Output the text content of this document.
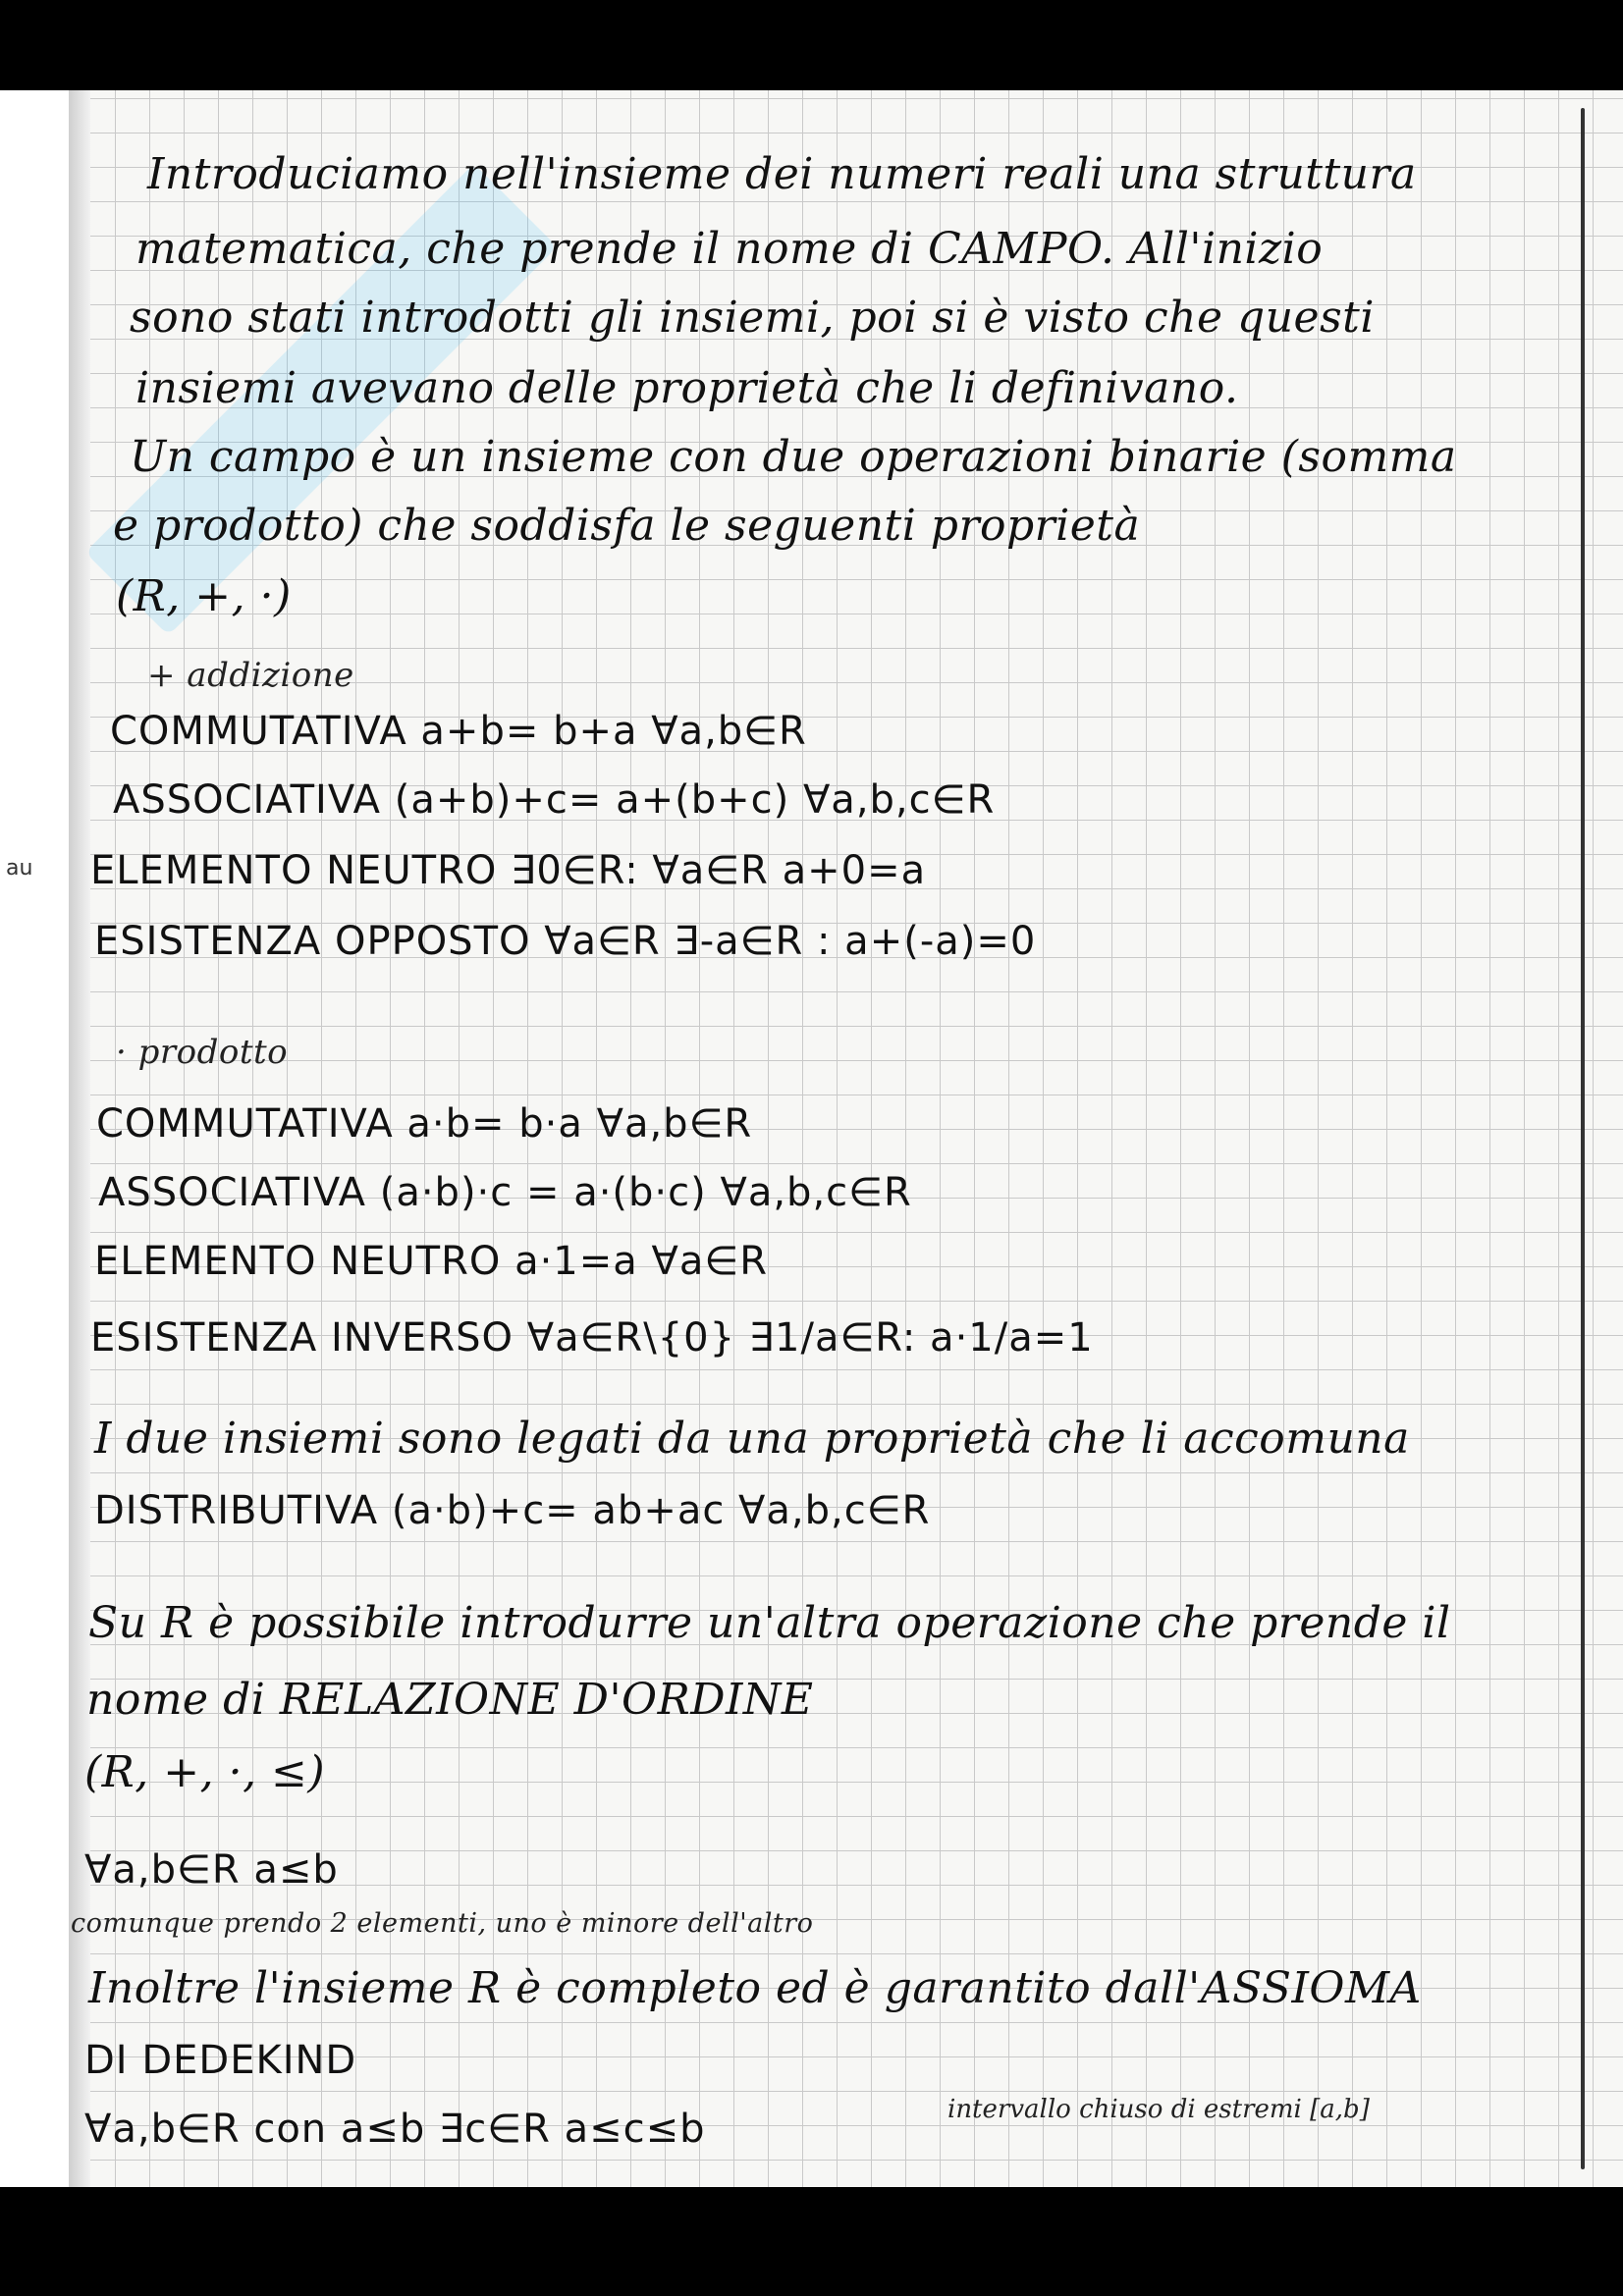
au
Introduciamo nell'insieme dei numeri reali una struttura
matematica, che prende il nome di CAMPO. All'inizio
sono stati introdotti gli insiemi, poi si è visto che questi
insiemi avevano delle proprietà che li definivano.
Un campo è un insieme con due operazioni binarie (somma
e prodotto) che soddisfa le seguenti proprietà
(R, +, ·)
+ addizione
COMMUTATIVA a+b= b+a ∀a,b∈R
ASSOCIATIVA (a+b)+c= a+(b+c) ∀a,b,c∈R
ELEMENTO NEUTRO ∃0∈R: ∀a∈R a+0=a
ESISTENZA OPPOSTO ∀a∈R ∃-a∈R : a+(-a)=0
· prodotto
COMMUTATIVA a·b= b·a ∀a,b∈R
ASSOCIATIVA (a·b)·c = a·(b·c) ∀a,b,c∈R
ELEMENTO NEUTRO a·1=a ∀a∈R
ESISTENZA INVERSO ∀a∈R\{0} ∃1/a∈R: a·1/a=1
I due insiemi sono legati da una proprietà che li accomuna
DISTRIBUTIVA (a·b)+c= ab+ac ∀a,b,c∈R
Su R è possibile introdurre un'altra operazione che prende il
nome di RELAZIONE D'ORDINE
(R, +, ·, ≤)
∀a,b∈R a≤b
comunque prendo 2 elementi, uno è minore dell'altro
Inoltre l'insieme R è completo ed è garantito dall'ASSIOMA
DI DEDEKIND
∀a,b∈R con a≤b ∃c∈R a≤c≤b	intervallo chiuso di estremi [a,b]
